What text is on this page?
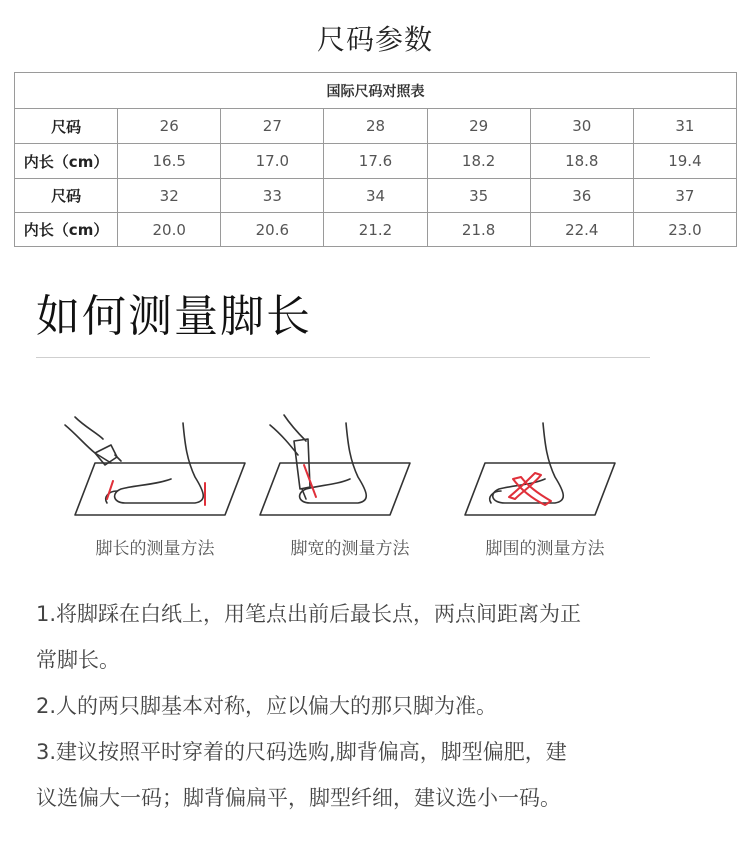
尺码参数
国际尺码对照表						
尺码	26	27	28	29	30	31
内长（cm）	16.5	17.0	17.6	18.2	18.8	19.4
尺码	32	33	34	35	36	37
内长（cm）	20.0	20.6	21.2	21.8	22.4	23.0
如何测量脚长
脚长的测量方法	脚宽的测量方法	脚围的测量方法
1.将脚踩在白纸上，用笔点出前后最长点，两点间距离为正
常脚长。
2.人的两只脚基本对称，应以偏大的那只脚为准。
3.建议按照平时穿着的尺码选购,脚背偏高，脚型偏肥，建
议选偏大一码；脚背偏扁平，脚型纤细，建议选小一码。
